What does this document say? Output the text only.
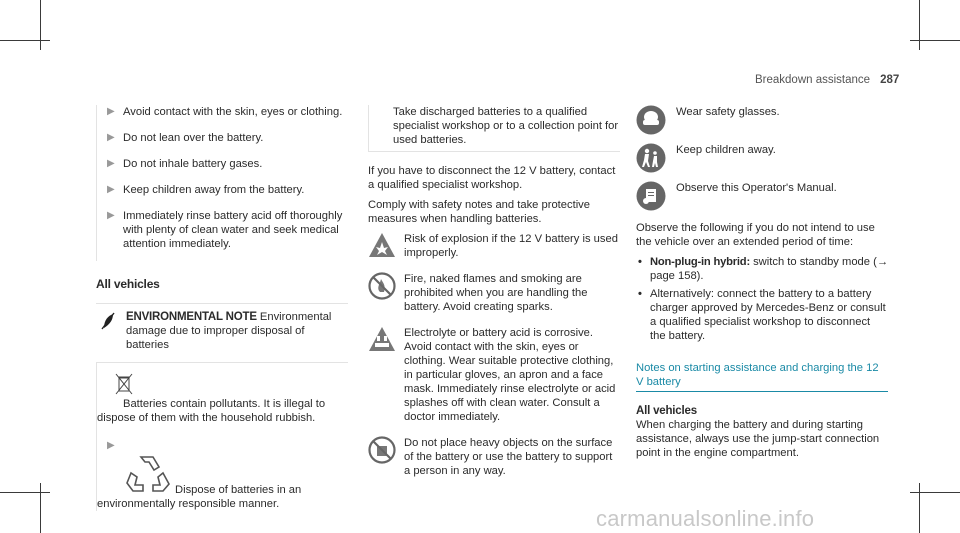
Breakdown assistance 287
▶ Avoid contact with the skin, eyes or clothing.
▶ Do not lean over the battery.
▶ Do not inhale battery gases.
▶ Keep children away from the battery.
▶ Immediately rinse battery acid off thoroughly with plenty of clean water and seek medical attention immediately.
All vehicles
ENVIRONMENTAL NOTE Environmental damage due to improper disposal of batteries

Batteries contain pollutants. It is illegal to dispose of them with the household rubbish.

▶

Dispose of batteries in an environmentally responsible manner.

Take discharged batteries to a qualified specialist workshop or to a collection point for used batteries.

If you have to disconnect the 12 V battery, contact a qualified specialist workshop.

Comply with safety notes and take protective measures when handling batteries.

Risk of explosion if the 12 V battery is used improperly.
Fire, naked flames and smoking are prohibited when you are handling the battery. Avoid creating sparks.
Electrolyte or battery acid is corrosive. Avoid contact with the skin, eyes or clothing. Wear suitable protective clothing, in particular gloves, an apron and a face mask. Immediately rinse electrolyte or acid splashes off with clean water. Consult a doctor immediately.
Do not place heavy objects on the surface of the battery or use the battery to support a person in any way.
Wear safety glasses.
Keep children away.
Observe this Operator's Manual.

Observe the following if you do not intend to use the vehicle over an extended period of time:

• Non-plug-in hybrid: switch to standby mode (→ page 158).
• Alternatively: connect the battery to a battery charger approved by Mercedes-Benz or consult a qualified specialist workshop to disconnect the battery.
Notes on starting assistance and charging the 12 V battery
All vehicles

When charging the battery and during starting assistance, always use the jump-start connection point in the engine compartment.

carmanualsonline.info
